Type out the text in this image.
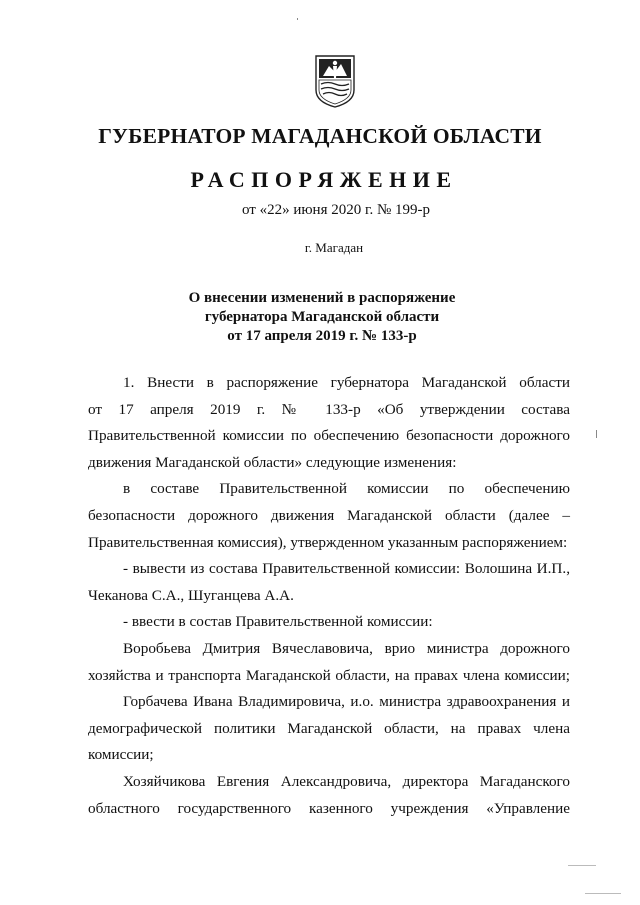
ГУБЕРНАТОР МАГАДАНСКОЙ ОБЛАСТИ
РАСПОРЯЖЕНИЕ
от «22» июня 2020 г. № 199-р
г. Магадан
О внесении изменений в распоряжение
губернатора Магаданской области
от 17 апреля 2019 г. № 133-р
1. Внести в распоряжение губернатора Магаданской области
от 17 апреля 2019 г. № 133-р «Об утверждении состава
Правительственной комиссии по обеспечению безопасности дорожного
движения Магаданской области» следующие изменения:
в составе Правительственной комиссии по обеспечению
безопасности дорожного движения Магаданской области (далее –
Правительственная комиссия), утвержденном указанным распоряжением:
- вывести из состава Правительственной комиссии: Волошина И.П.,
Чеканова С.А., Шуганцева А.А.
- ввести в состав Правительственной комиссии:
Воробьева Дмитрия Вячеславовича, врио министра дорожного
хозяйства и транспорта Магаданской области, на правах члена комиссии;
Горбачева Ивана Владимировича, и.о. министра здравоохранения и
демографической политики Магаданской области, на правах члена
комиссии;
Хозяйчикова Евгения Александровича, директора Магаданского
областного государственного казенного учреждения «Управление
